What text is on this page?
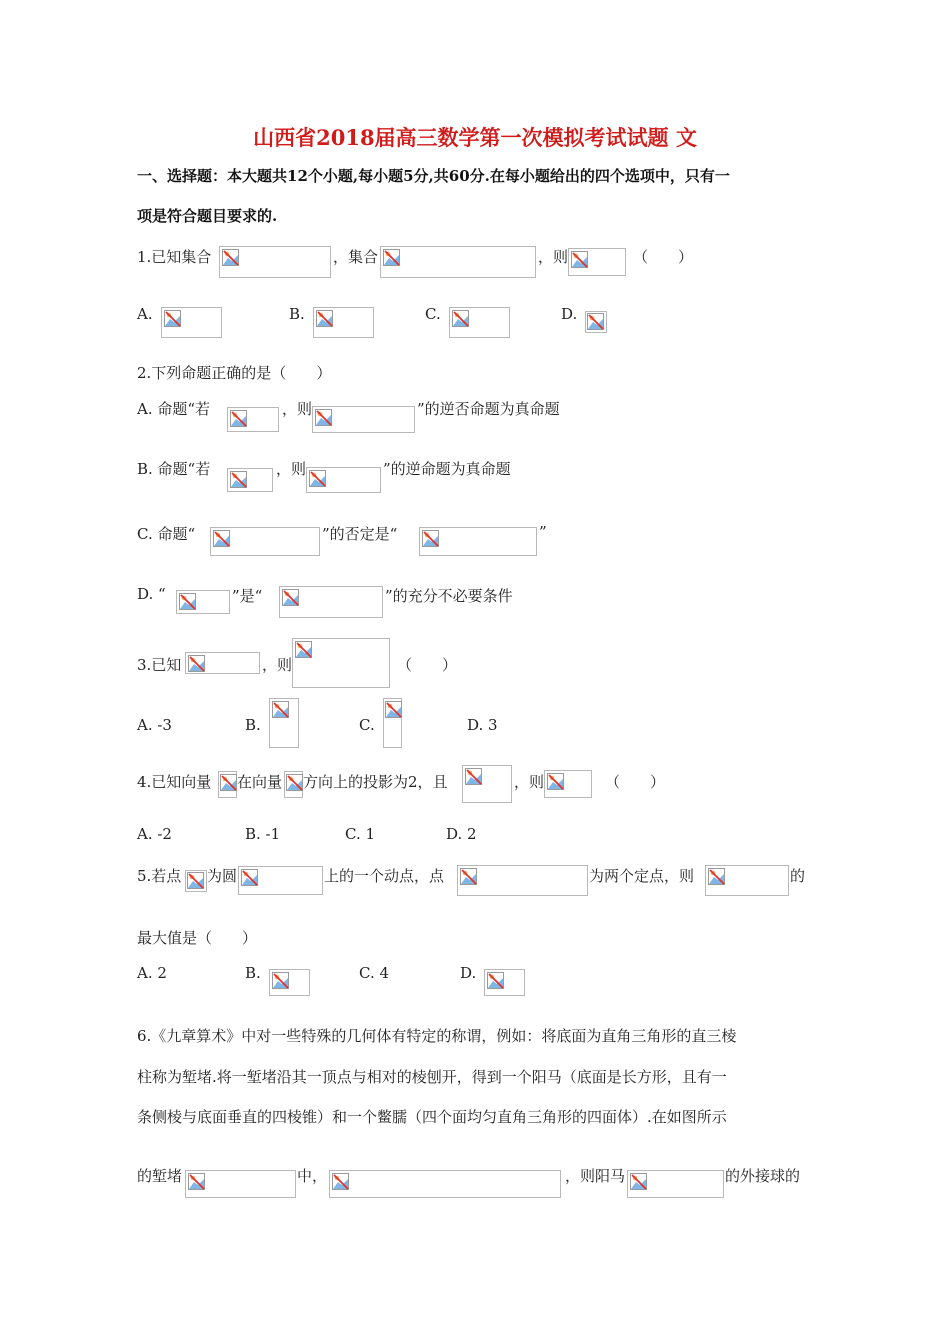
山西省2018届高三数学第一次模拟考试试题 文
一、选择题：本大题共12个小题,每小题5分,共60分.在每小题给出的四个选项中，只有一
项是符合题目要求的.
1.已知集合	，集合	，则	（　　）
A.	B.	C.	D.
2.下列命题正确的是（　　）
A. 命题“若	，则	”的逆否命题为真命题
B. 命题“若	，则	”的逆命题为真命题
C. 命题“	”的否定是“	”
D. “	”是“	”的充分不必要条件
3.已知	，则	（　　）
A. -3	B.	C.	D. 3
4.已知向量 在向量 方向上的投影为2，且	，则	（　　）
A. -2	B. -1	C. 1	D. 2
5.若点 为圆	上的一个动点，点	为两个定点，则	的
最大值是（　　）
A. 2	B.	C. 4	D.
6.《九章算术》中对一些特殊的几何体有特定的称谓，例如：将底面为直角三角形的直三棱
柱称为堑堵.将一堑堵沿其一顶点与相对的棱刨开，得到一个阳马（底面是长方形，且有一
条侧棱与底面垂直的四棱锥）和一个鳖臑（四个面均匀直角三角形的四面体）.在如图所示
的堑堵	中，	，则阳马	的外接球的
